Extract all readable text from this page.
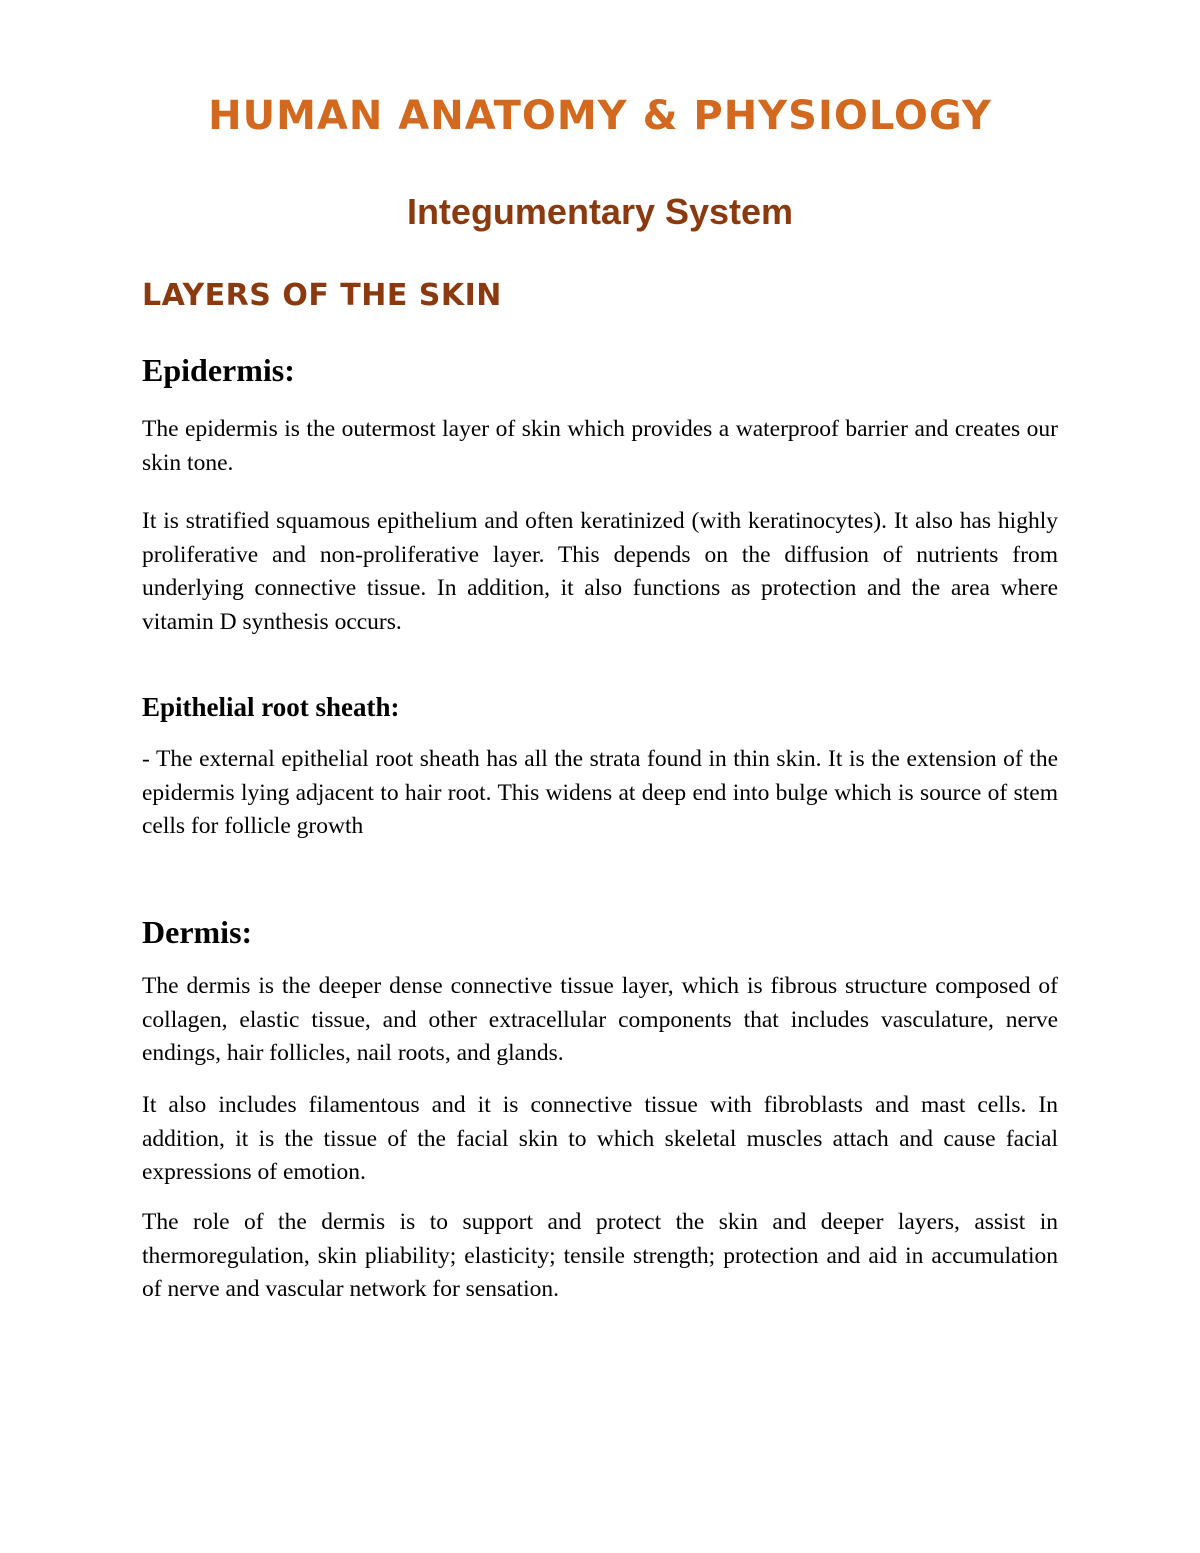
HUMAN ANATOMY & PHYSIOLOGY
Integumentary System
LAYERS OF THE SKIN
Epidermis:

The epidermis is the outermost layer of skin which provides a waterproof barrier and creates our skin tone.

It is stratified squamous epithelium and often keratinized (with keratinocytes). It also has highly proliferative and non-proliferative layer. This depends on the diffusion of nutrients from underlying connective tissue. In addition, it also functions as protection and the area where vitamin D synthesis occurs.

Epithelial root sheath:

- The external epithelial root sheath has all the strata found in thin skin. It is the extension of the epidermis lying adjacent to hair root. This widens at deep end into bulge which is source of stem cells for follicle growth

Dermis:

The dermis is the deeper dense connective tissue layer, which is fibrous structure composed of collagen, elastic tissue, and other extracellular components that includes vasculature, nerve endings, hair follicles, nail roots, and glands.

It also includes filamentous and it is connective tissue with fibroblasts and mast cells. In addition, it is the tissue of the facial skin to which skeletal muscles attach and cause facial expressions of emotion.

The role of the dermis is to support and protect the skin and deeper layers, assist in thermoregulation, skin pliability; elasticity; tensile strength; protection and aid in accumulation of nerve and vascular network for sensation.
